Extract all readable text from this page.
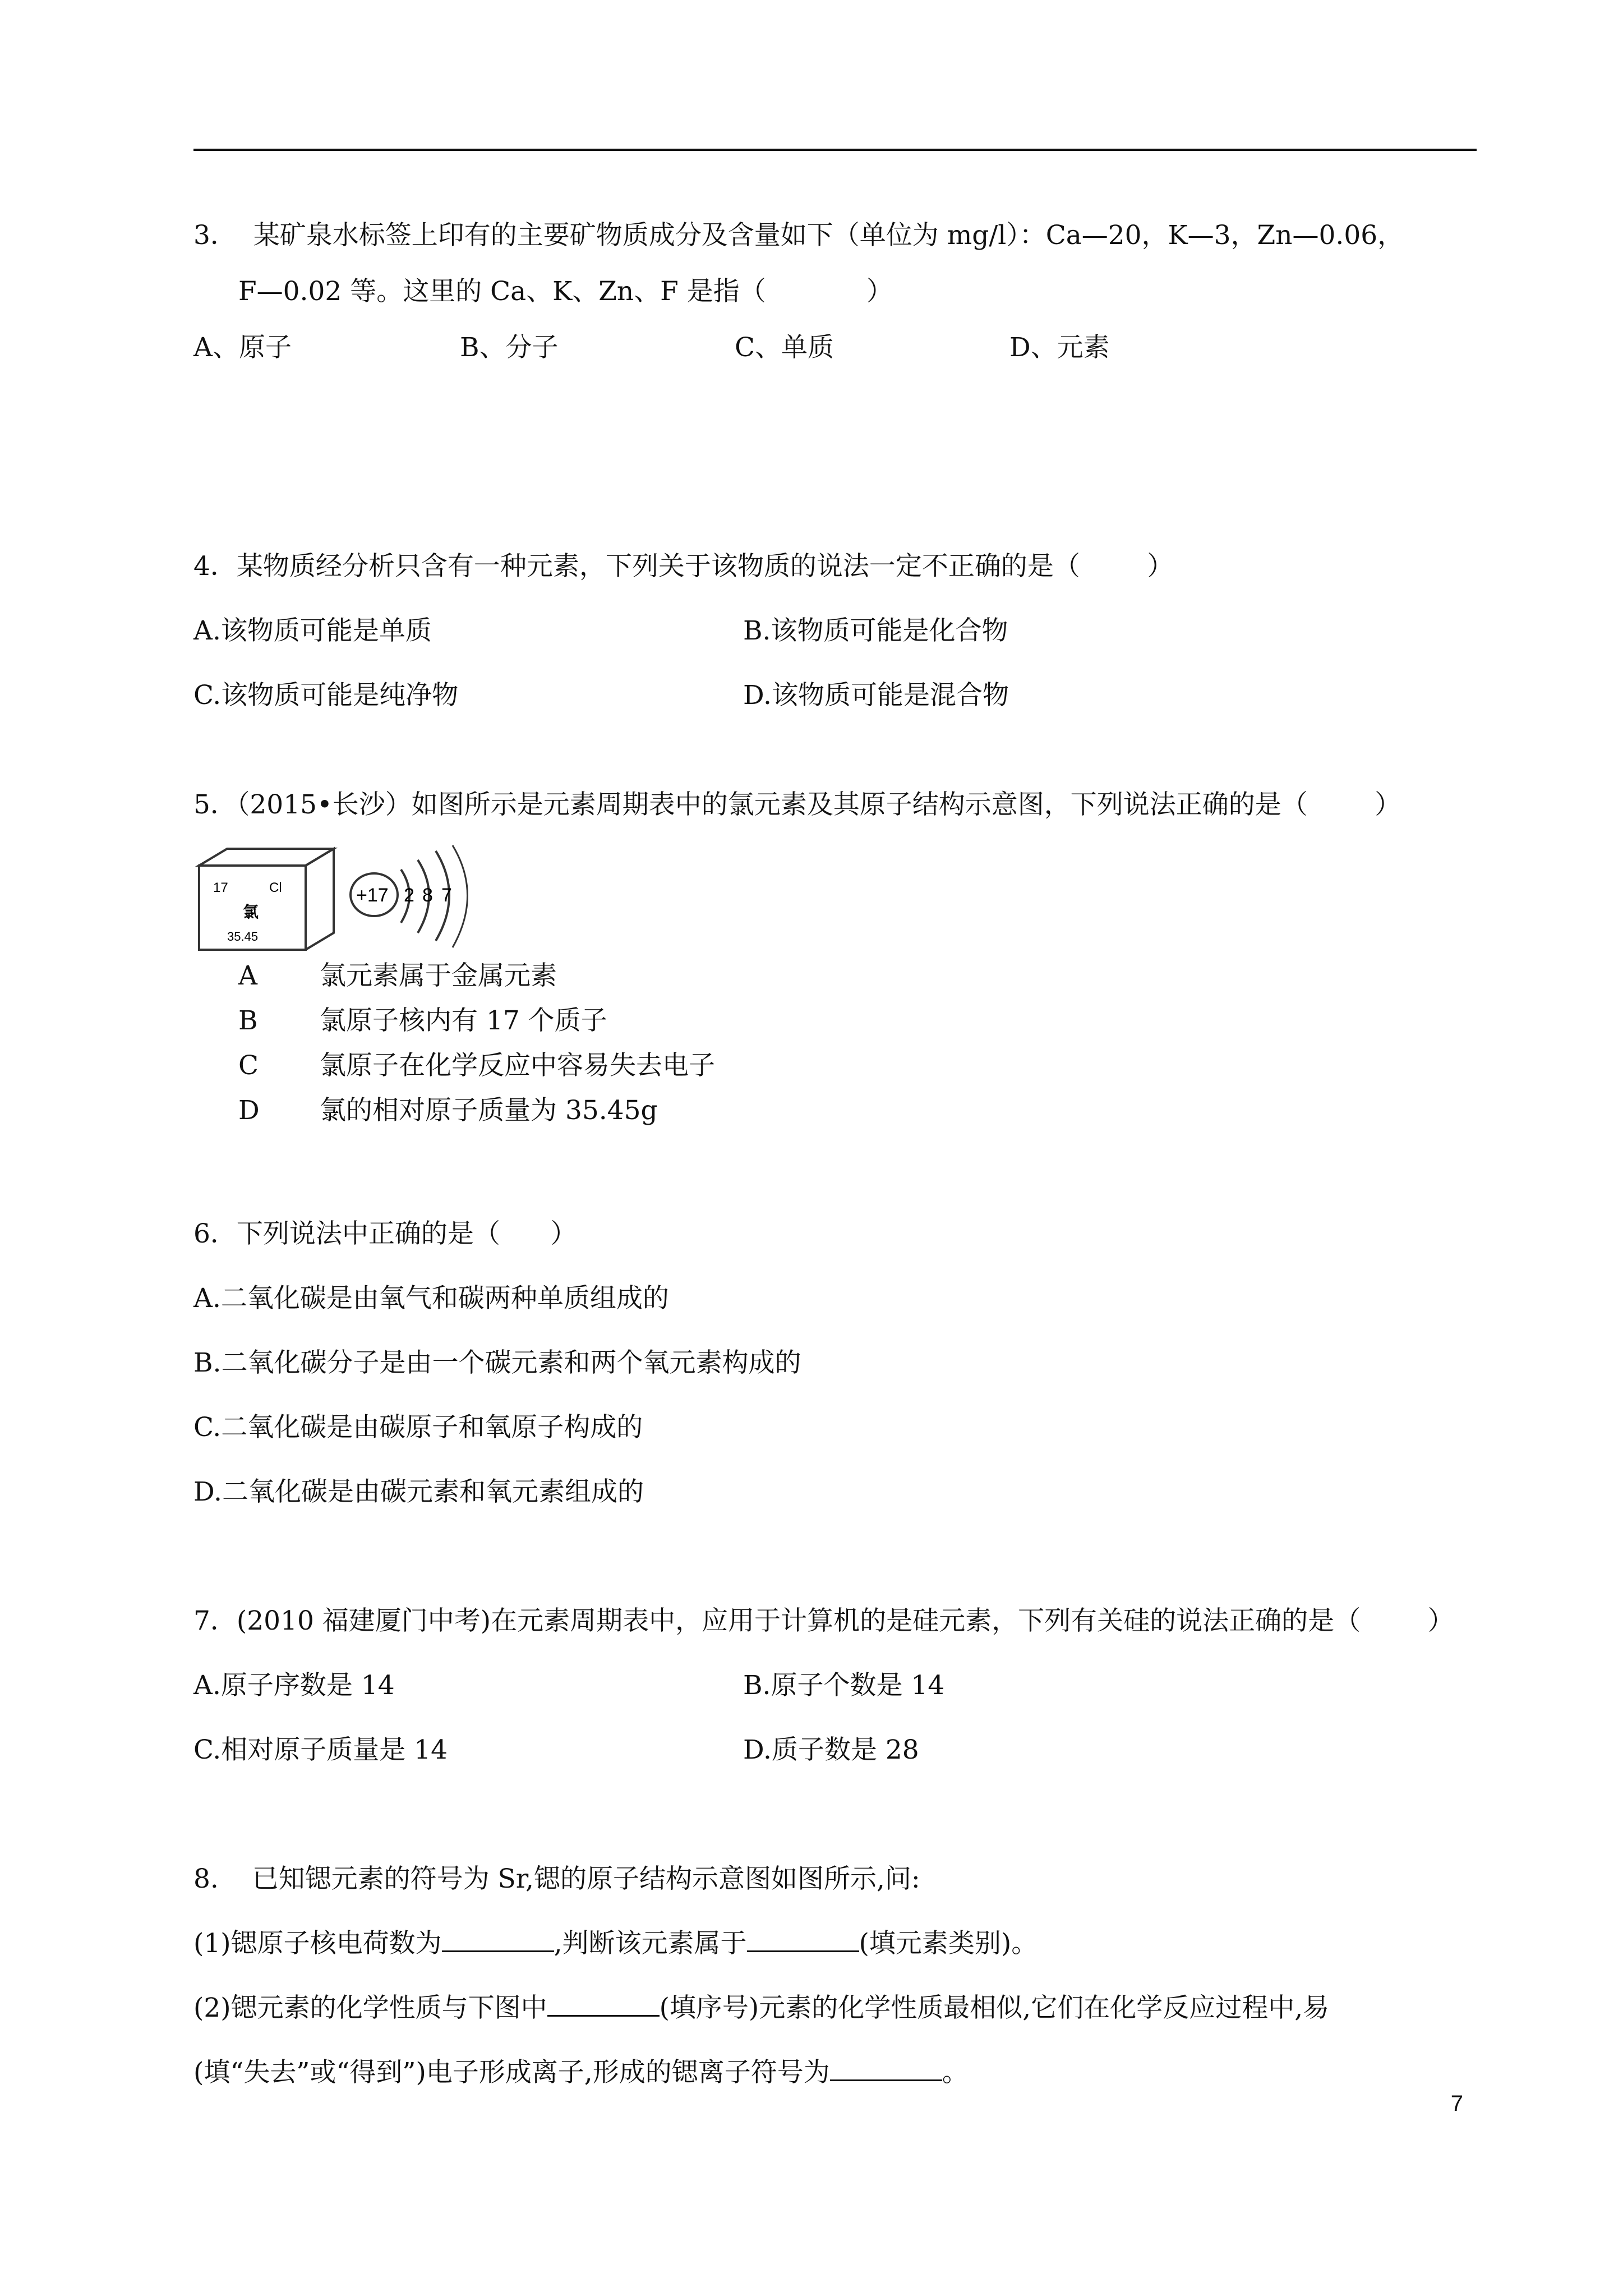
3．  某矿泉水标签上印有的主要矿物质成分及含量如下（单位为 mg/l）：Ca—20，K—3，Zn—0.06，
F—0.02 等。这里的 Ca、K、Zn、F 是指（            ）
A、原子	B、分子	C、单质	D、元素
4．某物质经分析只含有一种元素，下列关于该物质的说法一定不正确的是（        ）
A.该物质可能是单质	B.该物质可能是化合物
C.该物质可能是纯净物	D.该物质可能是混合物
5．（2015•长沙）如图所示是元素周期表中的氯元素及其原子结构示意图，下列说法正确的是（        ）
17	Cl
氯
35.45
+17 2 8 7
A 氯元素属于金属元素
B 氯原子核内有 17 个质子
C 氯原子在化学反应中容易失去电子
D 氯的相对原子质量为 35.45g
6．下列说法中正确的是（      ）
A.二氧化碳是由氧气和碳两种单质组成的
B.二氧化碳分子是由一个碳元素和两个氧元素构成的
C.二氧化碳是由碳原子和氧原子构成的
D.二氧化碳是由碳元素和氧元素组成的
7．(2010 福建厦门中考)在元素周期表中，应用于计算机的是硅元素，下列有关硅的说法正确的是（        ）
A.原子序数是 14	B.原子个数是 14
C.相对原子质量是 14	D.质子数是 28
8.    已知锶元素的符号为 Sr,锶的原子结构示意图如图所示,问:
(1)锶原子核电荷数为	,判断该元素属于	(填元素类别)。
(2)锶元素的化学性质与下图中	(填序号)元素的化学性质最相似,它们在化学反应过程中,易
(填“失去”或“得到”)电子形成离子,形成的锶离子符号为	。
7
